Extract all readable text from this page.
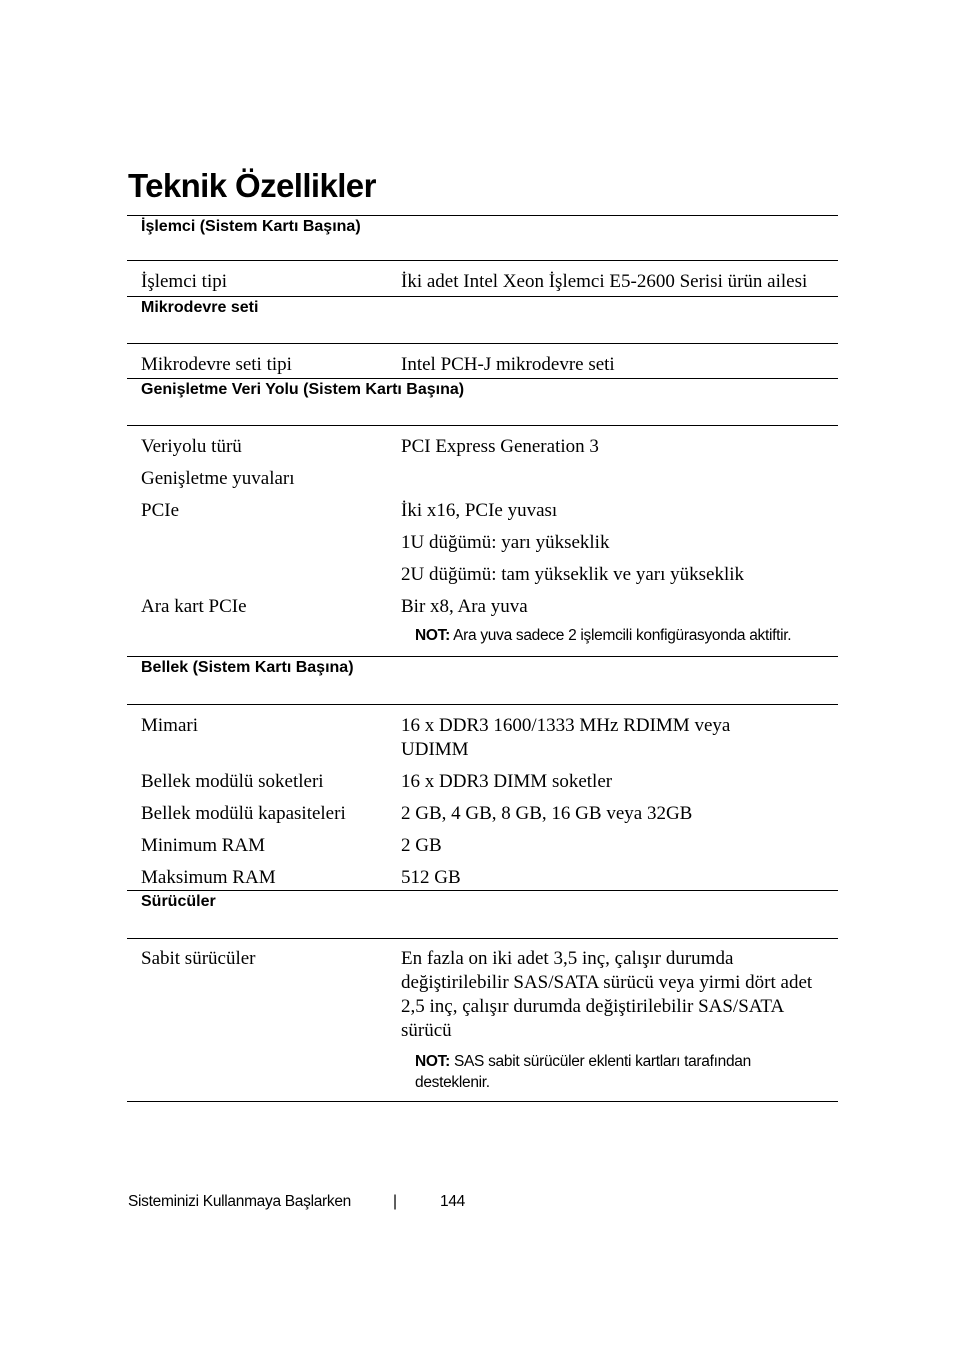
Teknik Özellikler
İşlemci (Sistem Kartı Başına)
İşlemci tipi	İki adet Intel Xeon İşlemci E5-2600 Serisi ürün ailesi
Mikrodevre seti
Mikrodevre seti tipi	Intel PCH-J mikrodevre seti
Genişletme Veri Yolu (Sistem Kartı Başına)
Veriyolu türü	PCI Express Generation 3
Genişletme yuvaları
PCIe	İki x16, PCIe yuvası
1U düğümü: yarı yükseklik
2U düğümü: tam yükseklik ve yarı yükseklik
Ara kart PCIe	Bir x8, Ara yuva
NOT: Ara yuva sadece 2 işlemcili konfigürasyonda aktiftir.
Bellek (Sistem Kartı Başına)
Mimari	16 x DDR3 1600/1333 MHz RDIMM veya UDIMM
Bellek modülü soketleri	16 x DDR3 DIMM soketler
Bellek modülü kapasiteleri	2 GB, 4 GB, 8 GB, 16 GB veya 32GB
Minimum RAM	2 GB
Maksimum RAM	512 GB
Sürücüler
Sabit sürücüler	En fazla on iki adet 3,5 inç, çalışır durumda değiştirilebilir SAS/SATA sürücü veya yirmi dört adet 2,5 inç, çalışır durumda değiştirilebilir SAS/SATA sürücü
NOT: SAS sabit sürücüler eklenti kartları tarafından desteklenir.
Sisteminizi Kullanmaya Başlarken	|	144
